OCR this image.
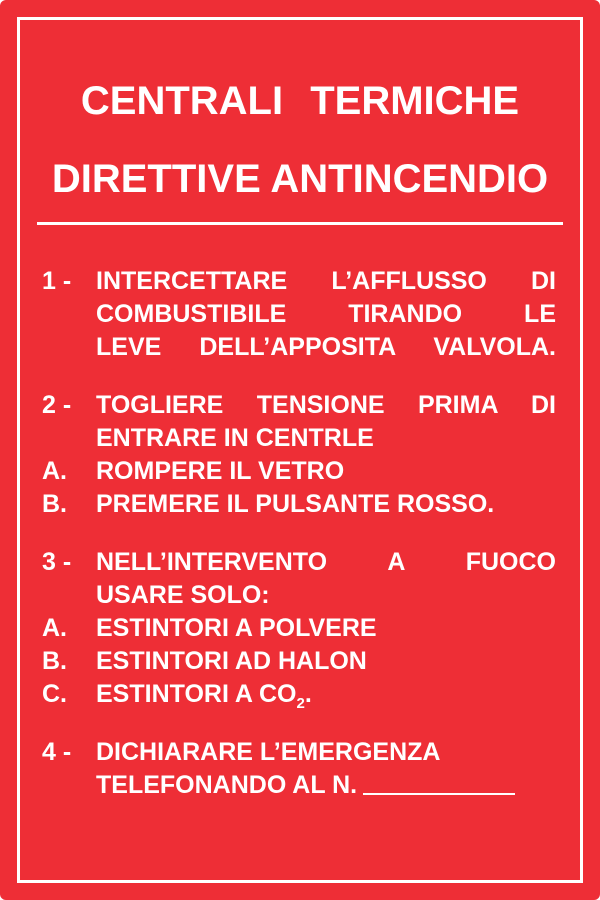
CENTRALI TERMICHE
DIRETTIVE ANTINCENDIO
1 - INTERCETTARE L’AFFLUSSO DI
COMBUSTIBILE TIRANDO LE
LEVE DELL’APPOSITA VALVOLA.
2 - TOGLIERE TENSIONE PRIMA DI
ENTRARE IN CENTRLE
A.	ROMPERE IL VETRO
B.	PREMERE IL PULSANTE ROSSO.
3 - NELL’INTERVENTO A FUOCO
USARE SOLO:
A.	ESTINTORI A POLVERE
B.	ESTINTORI AD HALON
C.	ESTINTORI A $CO_2$.
4 - DICHIARARE L’EMERGENZA
TELEFONANDO AL N.
